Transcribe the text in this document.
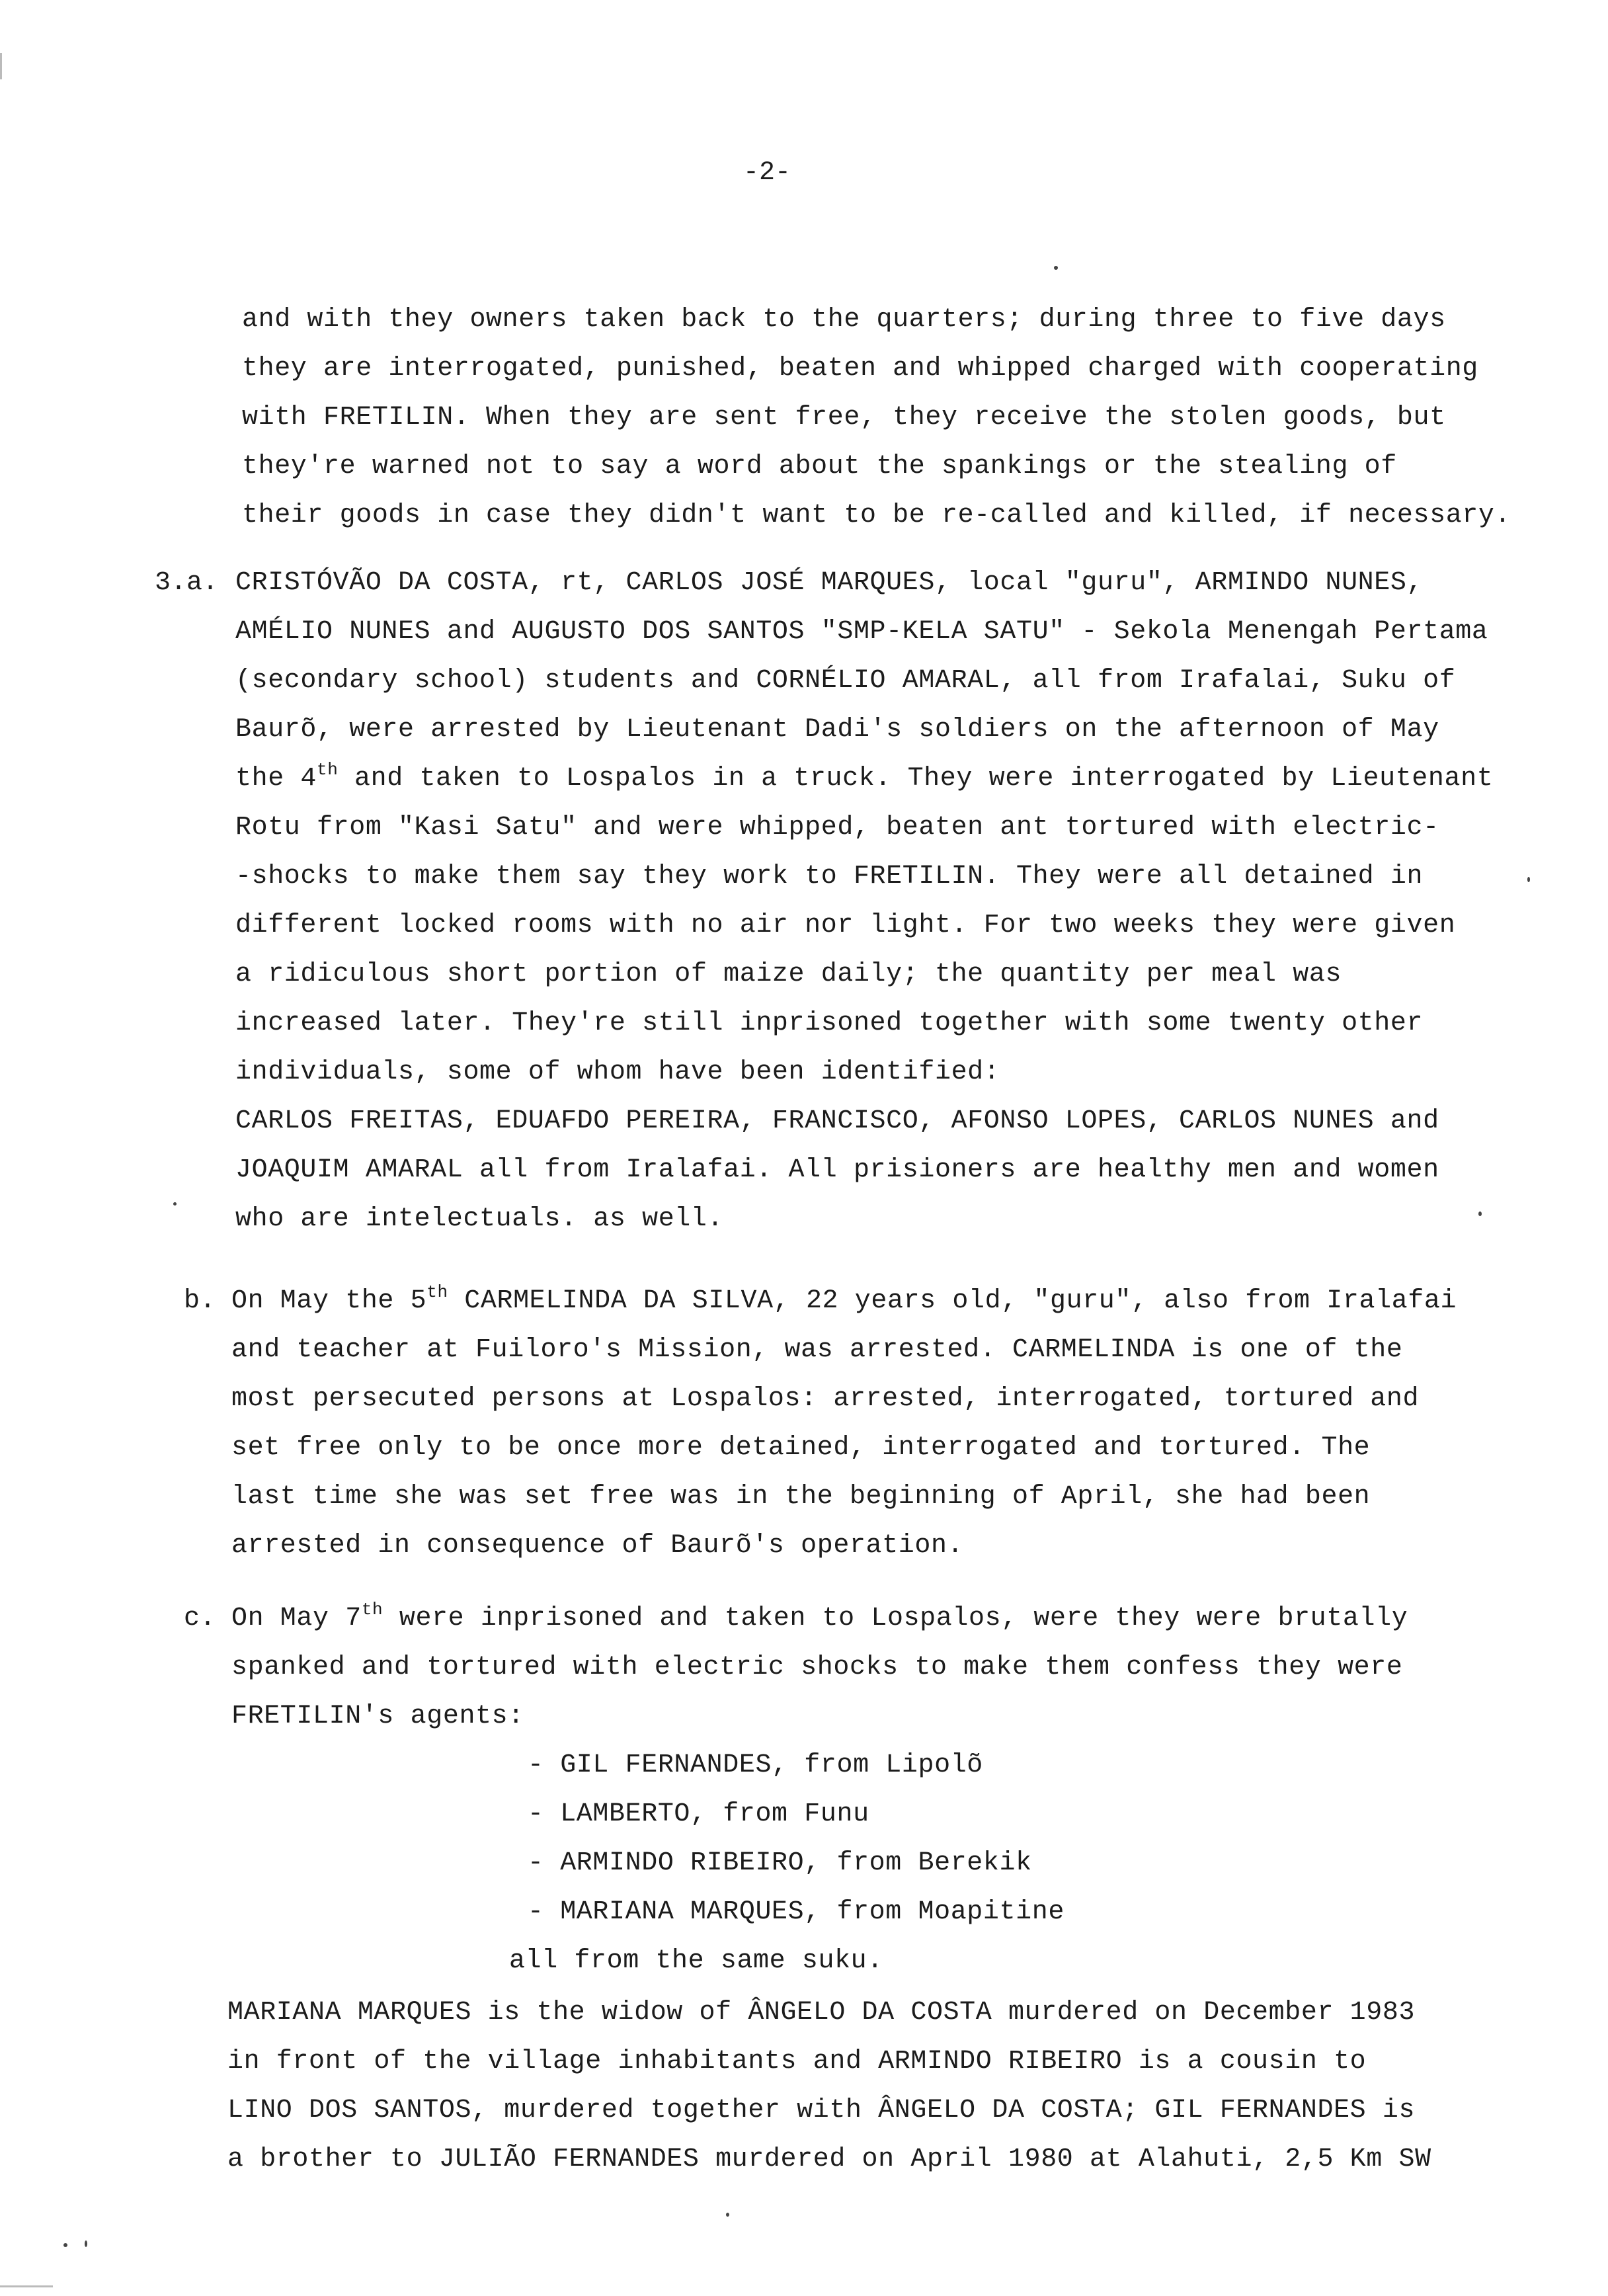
-2-
and with they owners taken back to the quarters; during three to five days
they are interrogated, punished, beaten and whipped charged with cooperating
with FRETILIN. When they are sent free, they receive the stolen goods, but
they're warned not to say a word about the spankings or the stealing of
their goods in case they didn't want to be re-called and killed, if necessary.
3.a. CRISTÓVÃO DA COSTA, rt, CARLOS JOSÉ MARQUES, local "guru", ARMINDO NUNES,
AMÉLIO NUNES and AUGUSTO DOS SANTOS "SMP-KELA SATU" - Sekola Menengah Pertama
(secondary school) students and CORNÉLIO AMARAL, all from Irafalai, Suku of
Baurõ, were arrested by Lieutenant Dadi's soldiers on the afternoon of May
the 4th and taken to Lospalos in a truck. They were interrogated by Lieutenant
Rotu from "Kasi Satu" and were whipped, beaten ant tortured with electric-
-shocks to make them say they work to FRETILIN. They were all detained in
different locked rooms with no air nor light. For two weeks they were given
a ridiculous short portion of maize daily; the quantity per meal was
increased later. They're still inprisoned together with some twenty other
individuals, some of whom have been identified:
CARLOS FREITAS, EDUAFDO PEREIRA, FRANCISCO, AFONSO LOPES, CARLOS NUNES and
JOAQUIM AMARAL all from Iralafai. All prisioners are healthy men and women
who are intelectuals. as well.
b. On May the 5th CARMELINDA DA SILVA, 22 years old, "guru", also from Iralafai
and teacher at Fuiloro's Mission, was arrested. CARMELINDA is one of the
most persecuted persons at Lospalos: arrested, interrogated, tortured and
set free only to be once more detained, interrogated and tortured. The
last time she was set free was in the beginning of April, she had been
arrested in consequence of Baurõ's operation.
c. On May 7th were inprisoned and taken to Lospalos, were they were brutally
spanked and tortured with electric shocks to make them confess they were
FRETILIN's agents:
- GIL FERNANDES, from Lipolõ
- LAMBERTO, from Funu
- ARMINDO RIBEIRO, from Berekik
- MARIANA MARQUES, from Moapitine
all from the same suku.
MARIANA MARQUES is the widow of ÂNGELO DA COSTA murdered on December 1983
in front of the village inhabitants and ARMINDO RIBEIRO is a cousin to
LINO DOS SANTOS, murdered together with ÂNGELO DA COSTA; GIL FERNANDES is
a brother to JULIÃO FERNANDES murdered on April 1980 at Alahuti, 2,5 Km SW
